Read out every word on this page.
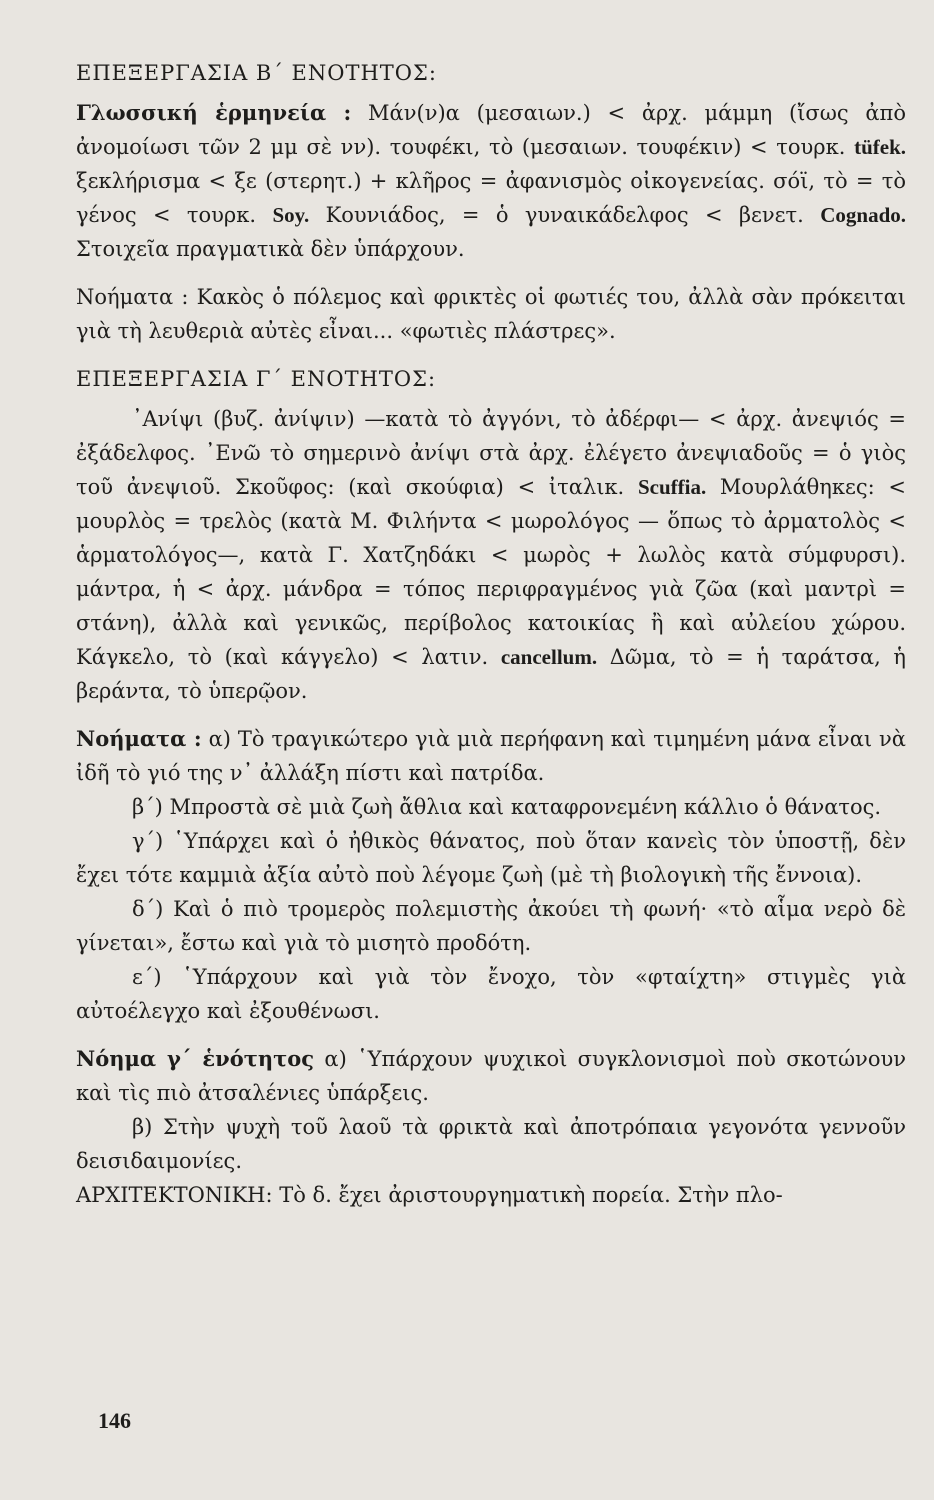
ΕΠΕΞΕΡΓΑΣΙΑ Β΄ ΕΝΟΤΗΤΟΣ:

Γλωσσική ἑρμηνεία : Μάν(ν)α (μεσαιων.) < ἀρχ. μάμμη (ἴσως ἀπὸ ἀνομοίωσι τῶν 2 μμ σὲ νν). τουφέκι, τὸ (μεσαιων. τουφέκιν) < τουρκ. tüfek. ξεκλήρισμα < ξε (στερητ.) + κλῆρος = ἀφανισμὸς οἰκογενείας. σόϊ, τὸ = τὸ γένος < τουρκ. Soy. Κουνιάδος, = ὁ γυναικάδελφος < βενετ. Cognado. Στοιχεῖα πραγματικὰ δὲν ὑπάρχουν.

Νοήματα : Κακὸς ὁ πόλεμος καὶ φρικτὲς οἱ φωτιές του, ἀλλὰ σὰν πρόκειται γιὰ τὴ λευθεριὰ αὐτὲς εἶναι... «φωτιὲς πλάστρες».

ΕΠΕΞΕΡΓΑΣΙΑ Γ΄ ΕΝΟΤΗΤΟΣ:

᾿Ανίψι (βυζ. ἀνίψιν) —κατὰ τὸ ἀγγόνι, τὸ ἀδέρφι— < ἀρχ. ἀνεψιός = ἐξάδελφος. ᾿Ενῶ τὸ σημερινὸ ἀνίψι στὰ ἀρχ. ἐλέγετο ἀνεψιαδοῦς = ὁ γιὸς τοῦ ἀνεψιοῦ. Σκοῦφος: (καὶ σκούφια) < ἰταλικ. Scuffia. Μουρλάθηκες: < μουρλὸς = τρελὸς (κατὰ Μ. Φιλήντα < μωρολόγος — ὅπως τὸ ἀρματολὸς < ἁρματολόγος—, κατὰ Γ. Χατζηδάκι < μωρὸς + λωλὸς κατὰ σύμφυρσι). μάντρα, ἡ < ἀρχ. μάνδρα = τόπος περιφραγμένος γιὰ ζῶα (καὶ μαντρὶ = στάνη), ἀλλὰ καὶ γενικῶς, περίβολος κατοικίας ἢ καὶ αὐλείου χώρου. Κάγκελο, τὸ (καὶ κάγγελο) < λατιν. cancellum. Δῶμα, τὸ = ἡ ταράτσα, ἡ βεράντα, τὸ ὑπερῷον.

Νοήματα : α) Τὸ τραγικώτερο γιὰ μιὰ περήφανη καὶ τιμημένη μάνα εἶναι νὰ ἰδῆ τὸ γιό της ν᾿ ἀλλάξη πίστι καὶ πατρίδα.

β΄) Μπροστὰ σὲ μιὰ ζωὴ ἄθλια καὶ καταφρονεμένη κάλλιο ὁ θάνατος.

γ΄) ῾Υπάρχει καὶ ὁ ἠθικὸς θάνατος, ποὺ ὅταν κανεὶς τὸν ὑποστῇ, δὲν ἔχει τότε καμμιὰ ἀξία αὐτὸ ποὺ λέγομε ζωὴ (μὲ τὴ βιολογικὴ τῆς ἔννοια).

δ΄) Καὶ ὁ πιὸ τρομερὸς πολεμιστὴς ἀκούει τὴ φωνή· «τὸ αἷμα νερὸ δὲ γίνεται», ἔστω καὶ γιὰ τὸ μισητὸ προδότη.

ε΄) ῾Υπάρχουν καὶ γιὰ τὸν ἔνοχο, τὸν «φταίχτη» στιγμὲς γιὰ αὐτοέλεγχο καὶ ἐξουθένωσι.

Νόημα γ΄ ἑνότητος α) ῾Υπάρχουν ψυχικοὶ συγκλονισμοὶ ποὺ σκοτώνουν καὶ τὶς πιὸ ἀτσαλένιες ὑπάρξεις.

β) Στὴν ψυχὴ τοῦ λαοῦ τὰ φρικτὰ καὶ ἀποτρόπαια γεγονότα γεννοῦν δεισιδαιμονίες.

ΑΡΧΙΤΕΚΤΟΝΙΚΗ: Τὸ δ. ἔχει ἀριστουργηματικὴ πορεία. Στὴν πλο-

146
